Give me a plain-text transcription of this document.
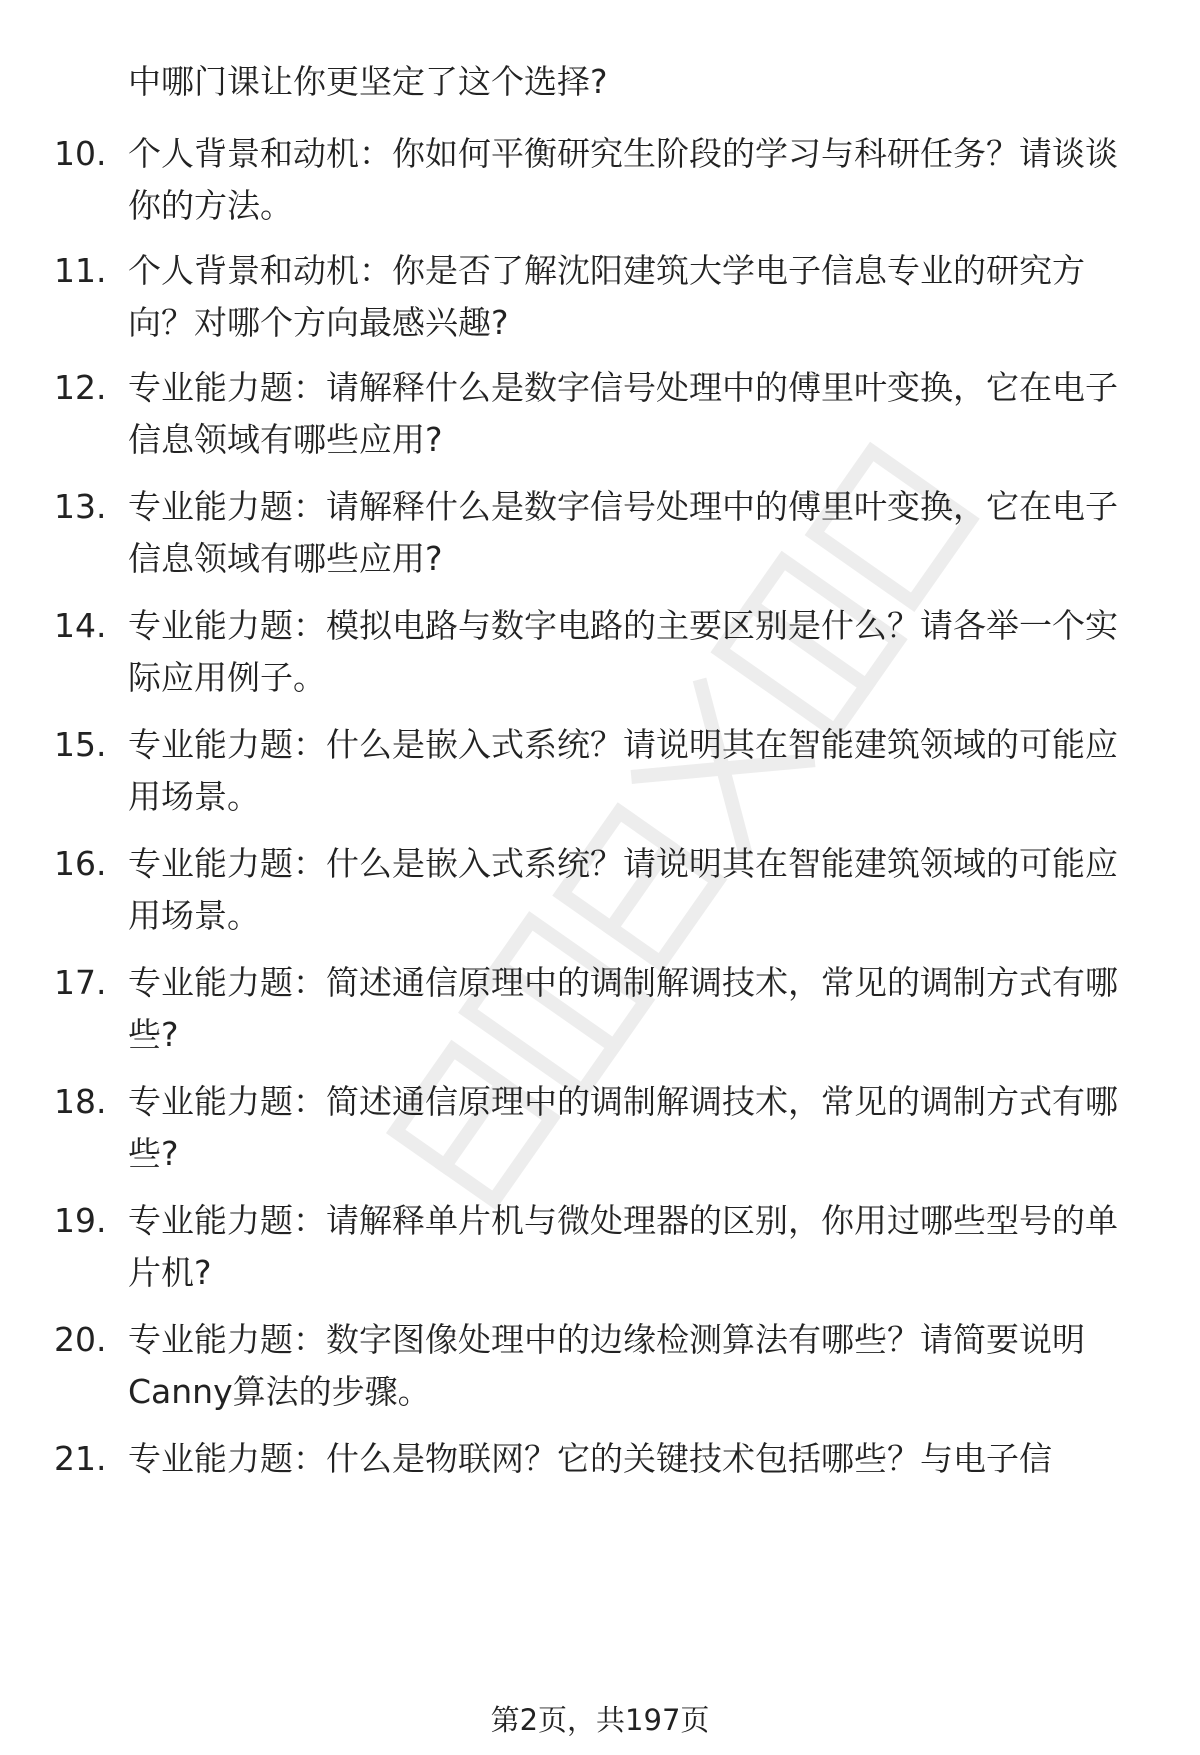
中哪门课让你更坚定了这个选择?
10. 个人背景和动机：你如何平衡研究生阶段的学习与科研任务？请谈谈你的方法。
11. 个人背景和动机：你是否了解沈阳建筑大学电子信息专业的研究方向？对哪个方向最感兴趣?
12. 专业能力题：请解释什么是数字信号处理中的傅里叶变换，它在电子信息领域有哪些应用?
13. 专业能力题：请解释什么是数字信号处理中的傅里叶变换，它在电子信息领域有哪些应用?
14. 专业能力题：模拟电路与数字电路的主要区别是什么？请各举一个实际应用例子。
15. 专业能力题：什么是嵌入式系统？请说明其在智能建筑领域的可能应用场景。
16. 专业能力题：什么是嵌入式系统？请说明其在智能建筑领域的可能应用场景。
17. 专业能力题：简述通信原理中的调制解调技术，常见的调制方式有哪些?
18. 专业能力题：简述通信原理中的调制解调技术，常见的调制方式有哪些?
19. 专业能力题：请解释单片机与微处理器的区别，你用过哪些型号的单片机?
20. 专业能力题：数字图像处理中的边缘检测算法有哪些？请简要说明Canny算法的步骤。
21. 专业能力题：什么是物联网？它的关键技术包括哪些？与电子信
第2页，共197页
